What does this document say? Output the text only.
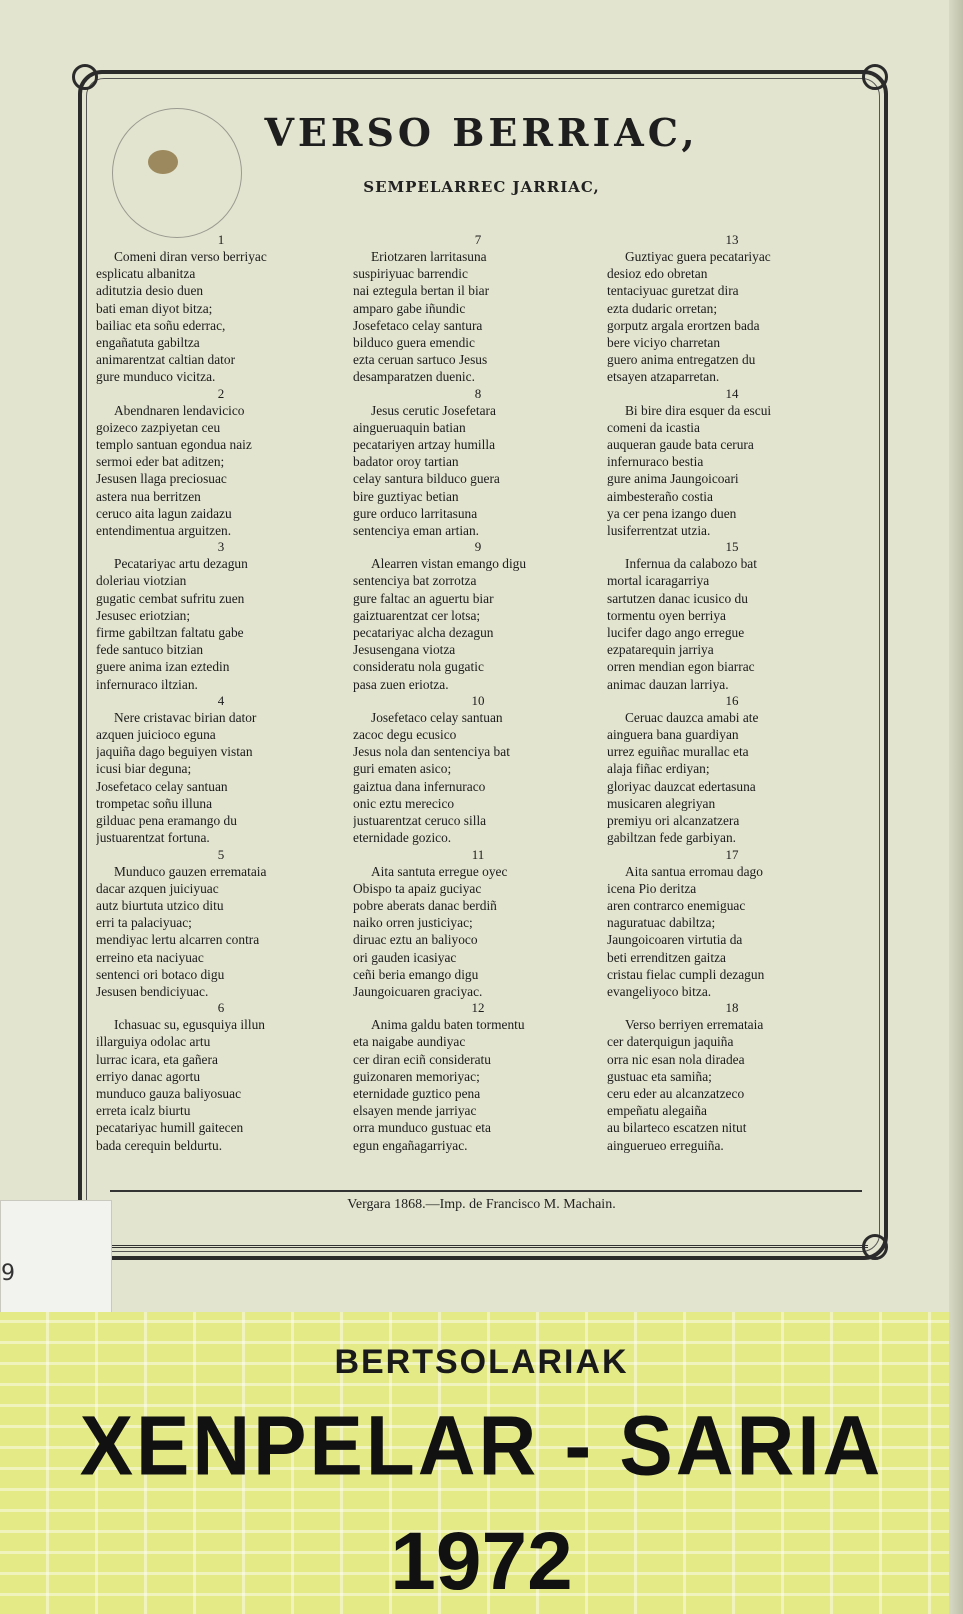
VERSO BERRIAC,
SEMPELARREC JARRIAC,
1
Comeni diran verso berriyac
esplicatu albanitza
aditutzia desio duen
bati eman diyot bitza;
bailiac eta soñu ederrac,
engañatuta gabiltza
animarentzat caltian dator
gure munduco vicitza.
2
Abendnaren lendavicico
goizeco zazpiyetan ceu
templo santuan egondua naiz
sermoi eder bat aditzen;
Jesusen llaga preciosuac
astera nua berritzen
ceruco aita lagun zaidazu
entendimentua arguitzen.
3
Pecatariyac artu dezagun
doleriau viotzian
gugatic cembat sufritu zuen
Jesusec eriotzian;
firme gabiltzan faltatu gabe
fede santuco bitzian
guere anima izan eztedin
infernuraco iltzian.
4
Nere cristavac birian dator
azquen juicioco eguna
jaquiña dago beguiyen vistan
icusi biar deguna;
Josefetaco celay santuan
trompetac soñu illuna
gilduac pena eramango du
justuarentzat fortuna.
5
Munduco gauzen erremataia
dacar azquen juiciyuac
autz biurtuta utzico ditu
erri ta palaciyuac;
mendiyac lertu alcarren contra
erreino eta naciyuac
sentenci ori botaco digu
Jesusen bendiciyuac.
6
Ichasuac su, egusquiya illun
illarguiya odolac artu
lurrac icara, eta gañera
erriyo danac agortu
munduco gauza baliyosuac
erreta icalz biurtu
pecatariyac humill gaitecen
bada cerequin beldurtu.
7
Eriotzaren larritasuna
suspiriyuac barrendic
nai eztegula bertan il biar
amparo gabe iñundic
Josefetaco celay santura
bilduco guera emendic
ezta ceruan sartuco Jesus
desamparatzen duenic.
8
Jesus cerutic Josefetara
aingueruaquin batian
pecatariyen artzay humilla
badator oroy tartian
celay santura bilduco guera
bire guztiyac betian
gure orduco larritasuna
sentenciya eman artian.
9
Alearren vistan emango digu
sentenciya bat zorrotza
gure faltac an aguertu biar
gaiztuarentzat cer lotsa;
pecatariyac alcha dezagun
Jesusengana viotza
consideratu nola gugatic
pasa zuen eriotza.
10
Josefetaco celay santuan
zacoc degu ecusico
Jesus nola dan sentenciya bat
guri ematen asico;
gaiztua dana infernuraco
onic eztu merecico
justuarentzat ceruco silla
eternidade gozico.
11
Aita santuta erregue oyec
Obispo ta apaiz guciyac
pobre aberats danac berdiñ
naiko orren justiciyac;
diruac eztu an baliyoco
ori gauden icasiyac
ceñi beria emango digu
Jaungoicuaren graciyac.
12
Anima galdu baten tormentu
eta naigabe aundiyac
cer diran eciñ consideratu
guizonaren memoriyac;
eternidade guztico pena
elsayen mende jarriyac
orra munduco gustuac eta
egun engañagarriyac.
13
Guztiyac guera pecatariyac
desioz edo obretan
tentaciyuac guretzat dira
ezta dudaric orretan;
gorputz argala erortzen bada
bere viciyo charretan
guero anima entregatzen du
etsayen atzaparretan.
14
Bi bire dira esquer da escui
comeni da icastia
auqueran gaude bata cerura
infernuraco bestia
gure anima Jaungoicoari
aimbesteraño costia
ya cer pena izango duen
lusiferrentzat utzia.
15
Infernua da calabozo bat
mortal icaragarriya
sartutzen danac icusico du
tormentu oyen berriya
lucifer dago ango erregue
ezpatarequin jarriya
orren mendian egon biarrac
animac dauzan larriya.
16
Ceruac dauzca amabi ate
ainguera bana guardiyan
urrez eguiñac murallac eta
alaja fiñac erdiyan;
gloriyac dauzcat edertasuna
musicaren alegriyan
premiyu ori alcanzatzera
gabiltzan fede garbiyan.
17
Aita santua erromau dago
icena Pio deritza
aren contrarco enemiguac
naguratuac dabiltza;
Jaungoicoaren virtutia da
beti errenditzen gaitza
cristau fielac cumpli dezagun
evangeliyoco bitza.
18
Verso berriyen erremataia
cer daterquigun jaquiña
orra nic esan nola diradea
gustuac eta samiña;
ceru eder au alcanzatzeco
empeñatu alegaiña
au bilarteco escatzen nitut
ainguerueo erreguiña.
Vergara 1868.—Imp. de Francisco M. Machain.
9
BERTSOLARIAK
XENPELAR - SARIA
1972
